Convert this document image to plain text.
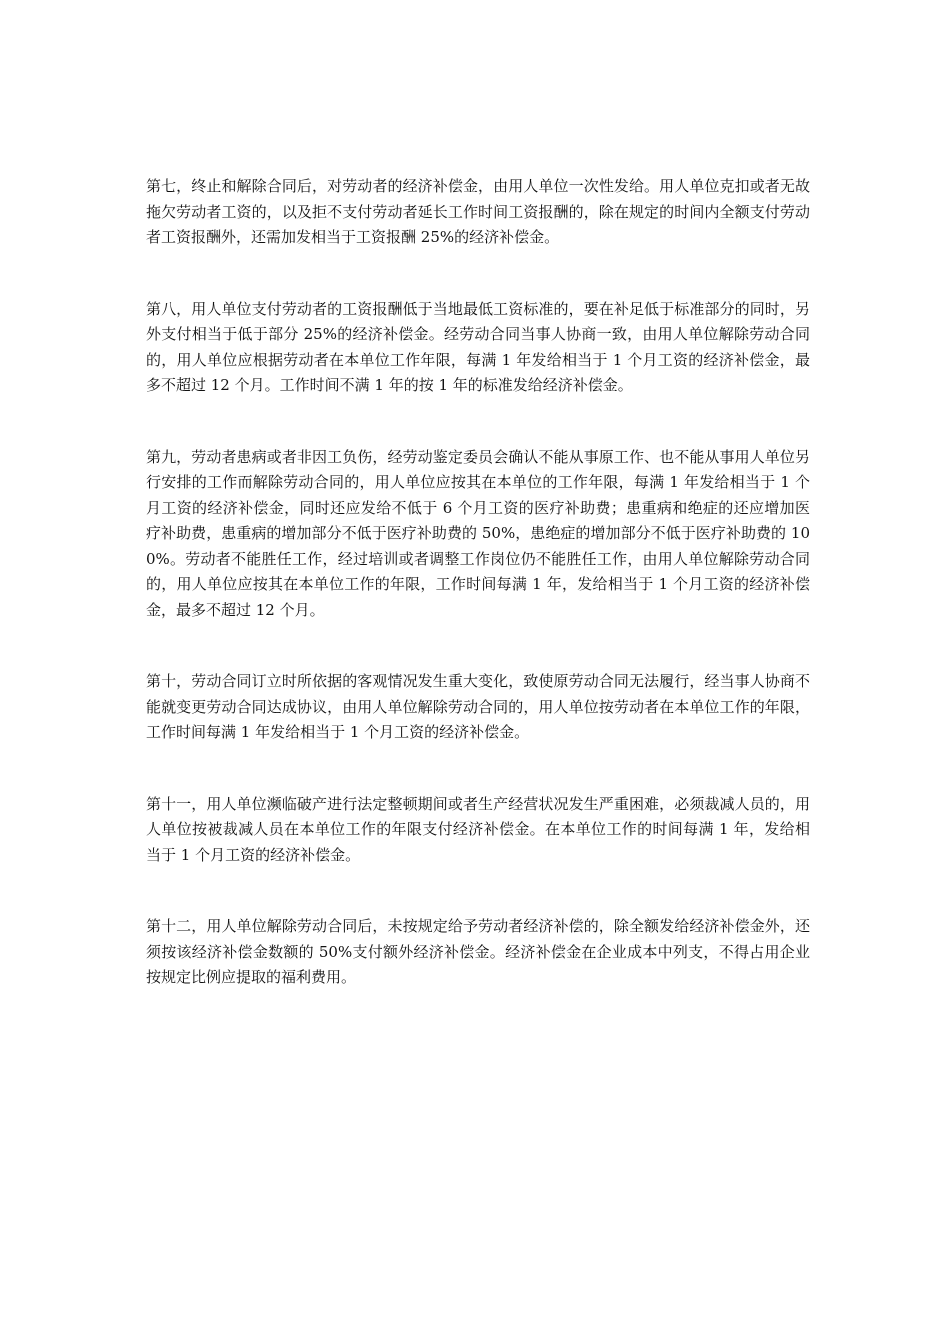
第七，终止和解除合同后，对劳动者的经济补偿金，由用人单位一次性发给。用人单位克扣或者无故拖欠劳动者工资的，以及拒不支付劳动者延长工作时间工资报酬的，除在规定的时间内全额支付劳动者工资报酬外，还需加发相当于工资报酬 25%的经济补偿金。

第八，用人单位支付劳动者的工资报酬低于当地最低工资标准的，要在补足低于标准部分的同时，另外支付相当于低于部分 25%的经济补偿金。经劳动合同当事人协商一致，由用人单位解除劳动合同的，用人单位应根据劳动者在本单位工作年限，每满 1 年发给相当于 1 个月工资的经济补偿金，最多不超过 12 个月。工作时间不满 1 年的按 1 年的标准发给经济补偿金。

第九，劳动者患病或者非因工负伤，经劳动鉴定委员会确认不能从事原工作、也不能从事用人单位另行安排的工作而解除劳动合同的，用人单位应按其在本单位的工作年限，每满 1 年发给相当于 1 个月工资的经济补偿金，同时还应发给不低于 6 个月工资的医疗补助费；患重病和绝症的还应增加医疗补助费，患重病的增加部分不低于医疗补助费的 50%，患绝症的增加部分不低于医疗补助费的 100%。劳动者不能胜任工作，经过培训或者调整工作岗位仍不能胜任工作，由用人单位解除劳动合同的，用人单位应按其在本单位工作的年限，工作时间每满 1 年，发给相当于 1 个月工资的经济补偿金，最多不超过 12 个月。

第十，劳动合同订立时所依据的客观情况发生重大变化，致使原劳动合同无法履行，经当事人协商不能就变更劳动合同达成协议，由用人单位解除劳动合同的，用人单位按劳动者在本单位工作的年限，工作时间每满 1 年发给相当于 1 个月工资的经济补偿金。

第十一，用人单位濒临破产进行法定整顿期间或者生产经营状况发生严重困难，必须裁减人员的，用人单位按被裁减人员在本单位工作的年限支付经济补偿金。在本单位工作的时间每满 1 年，发给相当于 1 个月工资的经济补偿金。

第十二，用人单位解除劳动合同后，未按规定给予劳动者经济补偿的，除全额发给经济补偿金外，还须按该经济补偿金数额的 50%支付额外经济补偿金。经济补偿金在企业成本中列支，不得占用企业按规定比例应提取的福利费用。
